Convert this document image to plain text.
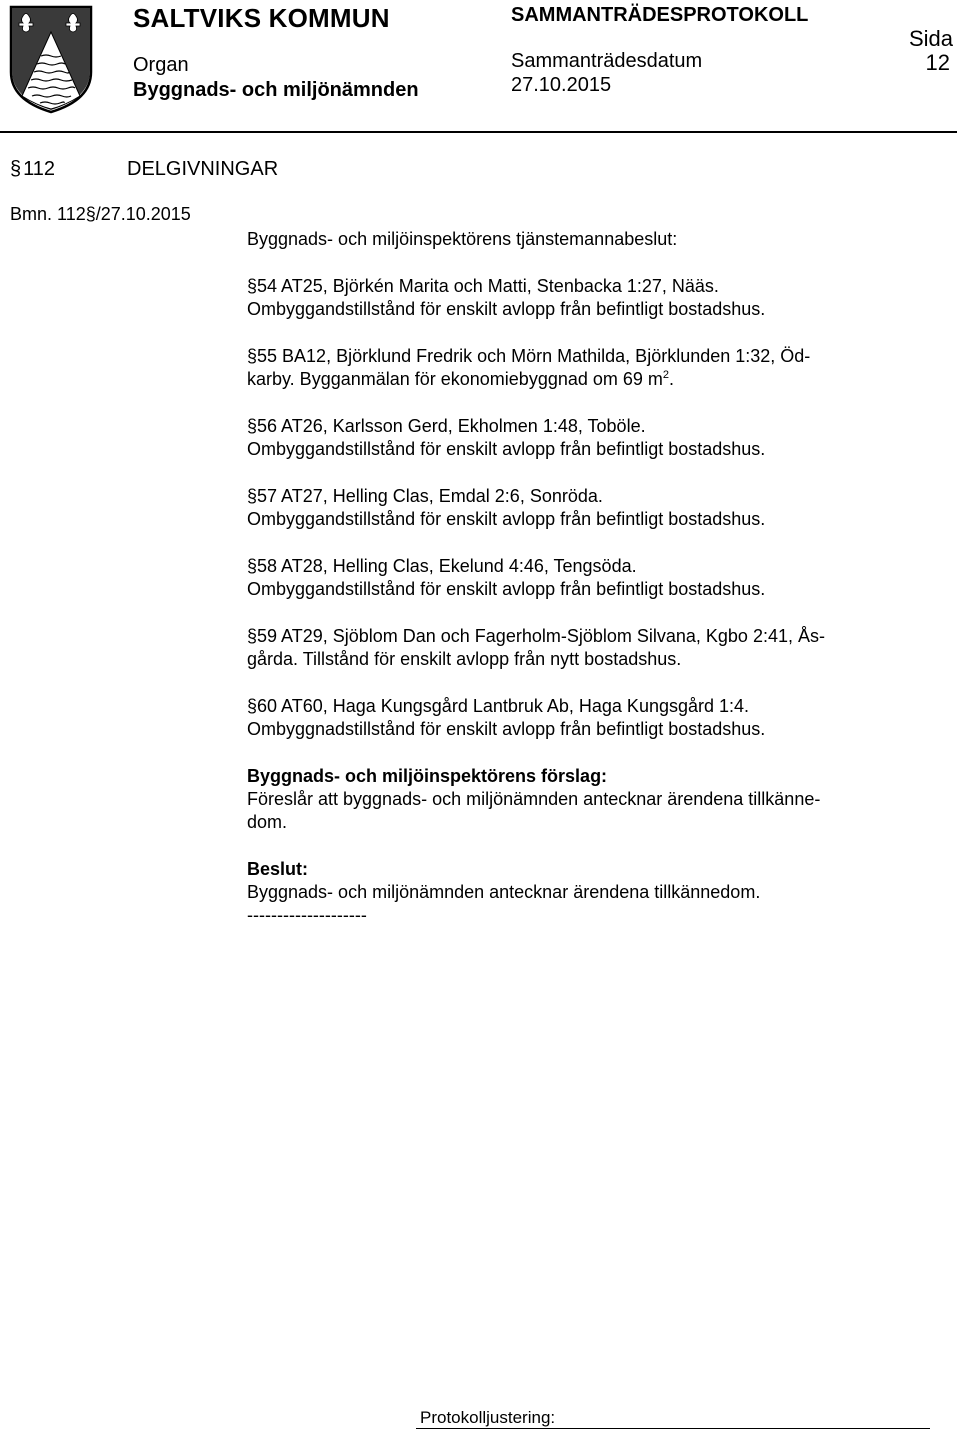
SALTVIKS KOMMUN
Organ
Byggnads- och miljönämnden
SAMMANTRÄDESPROTOKOLL
Sammanträdesdatum
27.10.2015
Sida
12
§ 112	DELGIVNINGAR
Bmn. 112§/27.10.2015
Byggnads- och miljöinspektörens tjänstemannabeslut:
§54 AT25, Björkén Marita och Matti, Stenbacka 1:27, Nääs.
Ombyggandstillstånd för enskilt avlopp från befintligt bostadshus.
§55 BA12, Björklund Fredrik och Mörn Mathilda, Björklunden 1:32, Öd-
karby. Bygganmälan för ekonomiebyggnad om 69 $m^2$.
§56 AT26, Karlsson Gerd, Ekholmen 1:48, Toböle.
Ombyggandstillstånd för enskilt avlopp från befintligt bostadshus.
§57 AT27, Helling Clas, Emdal 2:6, Sonröda.
Ombyggandstillstånd för enskilt avlopp från befintligt bostadshus.
§58 AT28, Helling Clas, Ekelund 4:46, Tengsöda.
Ombyggandstillstånd för enskilt avlopp från befintligt bostadshus.
§59 AT29, Sjöblom Dan och Fagerholm-Sjöblom Silvana, Kgbo 2:41, Ås-
gårda. Tillstånd för enskilt avlopp från nytt bostadshus.
§60 AT60, Haga Kungsgård Lantbruk Ab, Haga Kungsgård 1:4.
Ombyggnadstillstånd för enskilt avlopp från befintligt bostadshus.
Byggnads- och miljöinspektörens förslag:
Föreslår att byggnads- och miljönämnden antecknar ärendena tillkänne-
dom.
Beslut:
Byggnads- och miljönämnden antecknar ärendena tillkännedom.
--------------------
Protokolljustering:
